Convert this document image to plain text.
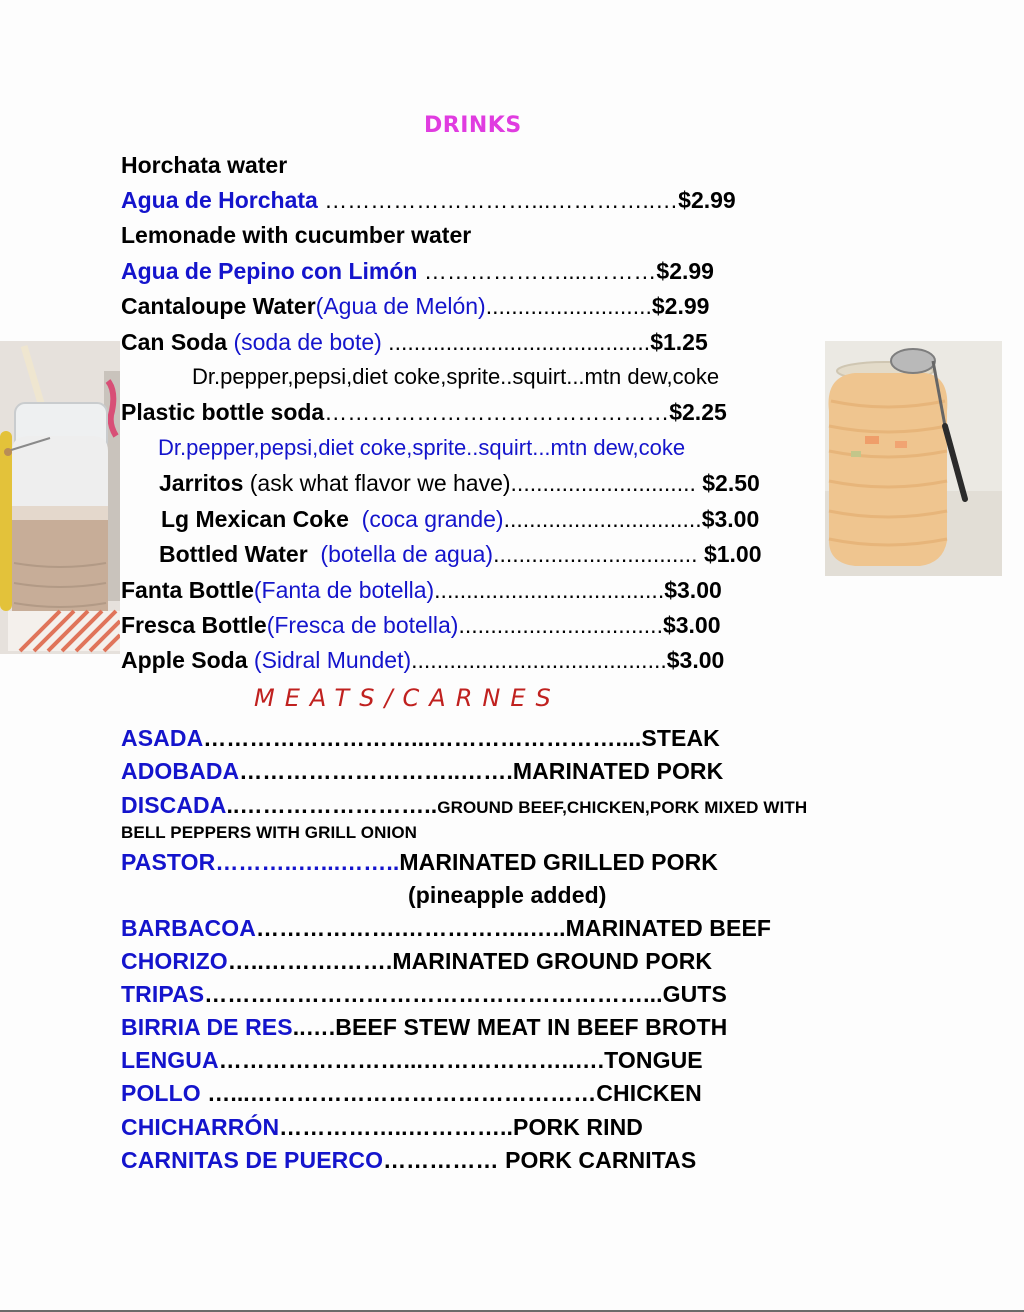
DRINKS
Horchata water
Agua de Horchata ………………………...…………..…$2.99
Lemonade with cucumber water
Agua de Pepino con Limón ………………....………$2.99
Cantaloupe Water(Agua de Melón)..........................$2.99
Can Soda (soda de bote) .........................................$1.25
Dr.pepper,pepsi,diet coke,sprite..squirt...mtn dew,coke
Plastic bottle soda………………………………………$2.25
Dr.pepper,pepsi,diet coke,sprite..squirt...mtn dew,coke
Jarritos (ask what flavor we have)............................. $2.50
Lg Mexican Coke  (coca grande)...............................$3.00
Bottled Water  (botella de agua)................................ $1.00
Fanta Bottle(Fanta de botella)....................................$3.00
Fresca Bottle(Fresca de botella)................................$3.00
Apple Soda (Sidral Mundet)........................................$3.00
MEATS/CARNES
ASADA………………………...……………………....STEAK
ADOBADA………………………..…….MARINATED PORK
DISCADA..……………………..GROUND BEEF,CHICKEN,PORK MIXED WITH
BELL PEPPERS WITH GRILL ONION
PASTOR………..…...……..MARINATED GRILLED PORK
(pineapple added)
BARBACOA……………….……………..…..MARINATED BEEF
CHORIZO…..……….…….MARINATED GROUND PORK
TRIPAS…………………………………………………...GUTS
BIRRIA DE RES..….BEEF STEW MEAT IN BEEF BROTH
LENGUA……………………...………………..….TONGUE
POLLO …...………………………………………CHICKEN
CHICHARRÓN……………..…………..PORK RIND
CARNITAS DE PUERCO…………… PORK CARNITAS
